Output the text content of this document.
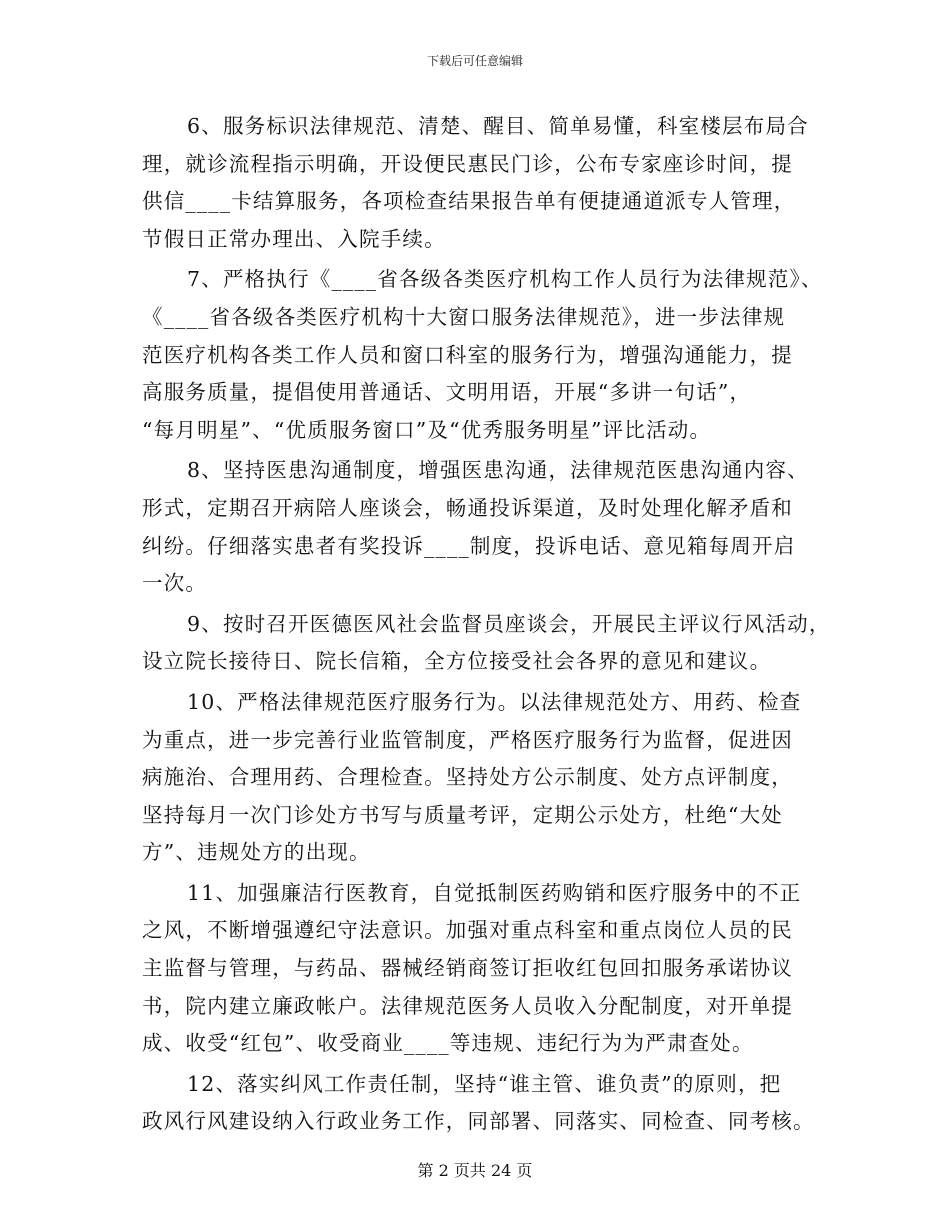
下载后可任意编辑

6、服务标识法律规范、清楚、醒目、简单易懂，科室楼层布局合
理，就诊流程指示明确，开设便民惠民门诊，公布专家座诊时间，提
供信____卡结算服务，各项检查结果报告单有便捷通道派专人管理，
节假日正常办理出、入院手续。

7、严格执行《____省各级各类医疗机构工作人员行为法律规范》、
《____省各级各类医疗机构十大窗口服务法律规范》，进一步法律规
范医疗机构各类工作人员和窗口科室的服务行为，增强沟通能力，提
高服务质量，提倡使用普通话、文明用语，开展“多讲一句话”，
“每月明星”、“优质服务窗口”及“优秀服务明星”评比活动。

8、坚持医患沟通制度，增强医患沟通，法律规范医患沟通内容、
形式，定期召开病陪人座谈会，畅通投诉渠道，及时处理化解矛盾和
纠纷。仔细落实患者有奖投诉____制度，投诉电话、意见箱每周开启
一次。

9、按时召开医德医风社会监督员座谈会，开展民主评议行风活动，
设立院长接待日、院长信箱，全方位接受社会各界的意见和建议。

10、严格法律规范医疗服务行为。以法律规范处方、用药、检查
为重点，进一步完善行业监管制度，严格医疗服务行为监督，促进因
病施治、合理用药、合理检查。坚持处方公示制度、处方点评制度，
坚持每月一次门诊处方书写与质量考评，定期公示处方，杜绝“大处
方”、违规处方的出现。

11、加强廉洁行医教育，自觉抵制医药购销和医疗服务中的不正
之风，不断增强遵纪守法意识。加强对重点科室和重点岗位人员的民
主监督与管理，与药品、器械经销商签订拒收红包回扣服务承诺协议
书，院内建立廉政帐户。法律规范医务人员收入分配制度，对开单提
成、收受“红包”、收受商业____等违规、违纪行为为严肃查处。

12、落实纠风工作责任制，坚持“谁主管、谁负责”的原则，把
政风行风建设纳入行政业务工作，同部署、同落实、同检查、同考核。

第 2 页共 24 页
